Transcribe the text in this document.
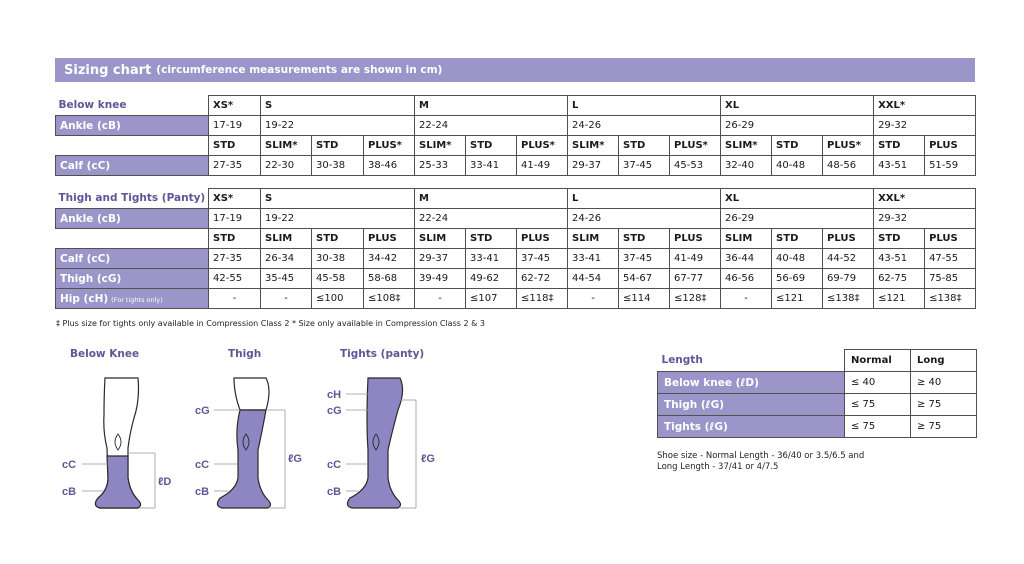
Sizing chart (circumference measurements are shown in cm)
Below knee	XS*	S			M			L			XL			XXL*	
Ankle (cB)	17-19	19-22			22-24			24-26			26-29			29-32	
	STD	SLIM*	STD	PLUS*	SLIM*	STD	PLUS*	SLIM*	STD	PLUS*	SLIM*	STD	PLUS*	STD	PLUS
Calf (cC)	27-35	22-30	30-38	38-46	25-33	33-41	41-49	29-37	37-45	45-53	32-40	40-48	48-56	43-51	51-59
Thigh and Tights (Panty)	XS*	S			M			L			XL			XXL*	
Ankle (cB)	17-19	19-22			22-24			24-26			26-29			29-32	
	STD	SLIM	STD	PLUS	SLIM	STD	PLUS	SLIM	STD	PLUS	SLIM	STD	PLUS	STD	PLUS
Calf (cC)	27-35	26-34	30-38	34-42	29-37	33-41	37-45	33-41	37-45	41-49	36-44	40-48	44-52	43-51	47-55
Thigh (cG)	42-55	35-45	45-58	58-68	39-49	49-62	62-72	44-54	54-67	67-77	46-56	56-69	69-79	62-75	75-85
Hip (cH) (For tights only)	-	-	≤100	≤108‡	-	≤107	≤118‡	-	≤114	≤128‡	-	≤121	≤138‡	≤121	≤138‡
‡ Plus size for tights only available in Compression Class 2 * Size only available in Compression Class 2 & 3
Below Knee	Thigh	Tights (panty)
cC
cB
ℓD
cG
cC
cB
ℓG
cH
cG
cC
cB
ℓG
Length	Normal	Long
Below knee (ℓD)	≤ 40	≥ 40
Thigh (ℓG)	≤ 75	≥ 75
Tights (ℓG)	≤ 75	≥ 75
Shoe size - Normal Length - 36/40 or 3.5/6.5 and
Long Length - 37/41 or 4/7.5
